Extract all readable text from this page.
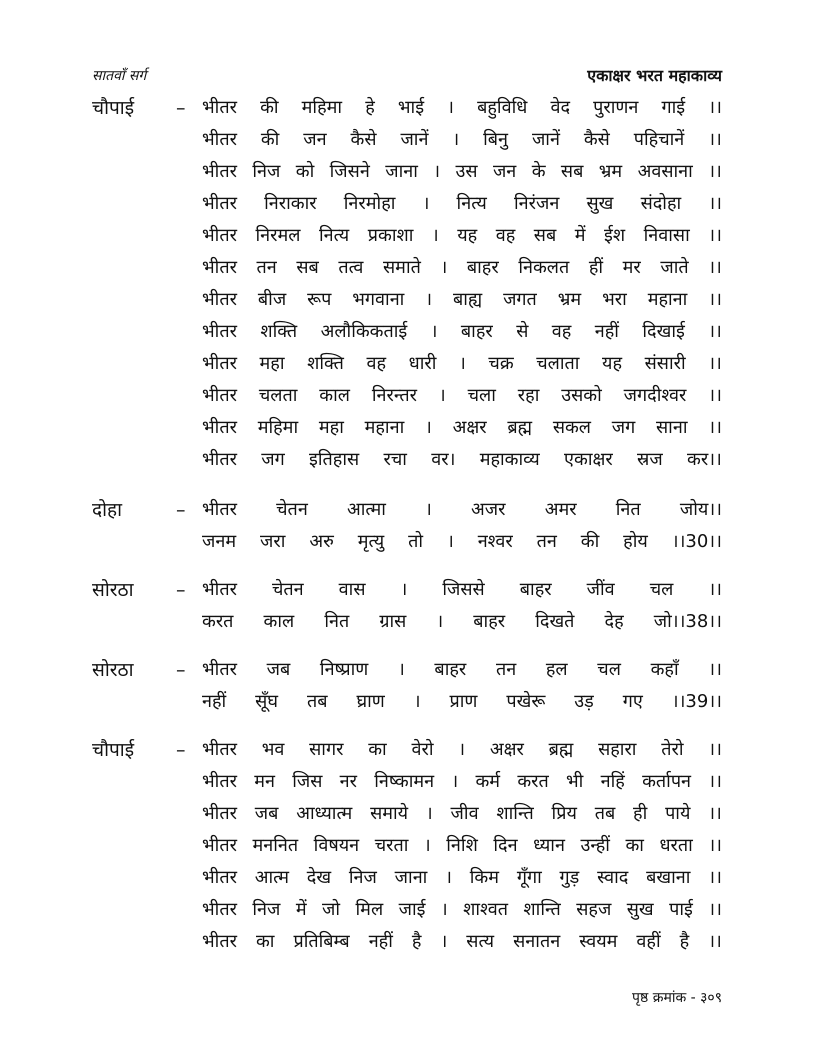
सातवाँ सर्ग	एकाक्षर भरत महाकाव्य
चौपाई – भीतर की महिमा हे भाई । बहुविधि वेद पुराणन गाई ।।
भीतर की जन कैसे जानें । बिनु जानें कैसे पहिचानें ।।
भीतर निज को जिसने जाना । उस जन के सब भ्रम अवसाना ।।
भीतर निराकार निरमोहा । नित्य निरंजन सुख संदोहा ।।
भीतर निरमल नित्य प्रकाशा । यह वह सब में ईश निवासा ।।
भीतर तन सब तत्व समाते । बाहर निकलत हीं मर जाते ।।
भीतर बीज रूप भगवाना । बाह्य जगत भ्रम भरा महाना ।।
भीतर शक्ति अलौकिकताई । बाहर से वह नहीं दिखाई ।।
भीतर महा शक्ति वह धारी । चक्र चलाता यह संसारी ।।
भीतर चलता काल निरन्तर । चला रहा उसको जगदीश्वर ।।
भीतर महिमा महा महाना । अक्षर ब्रह्म सकल जग साना ।।
भीतर जग इतिहास रचा वर। महाकाव्य एकाक्षर स्रज कर।।
दोहा	– भीतर चेतन आत्मा । अजर अमर नित जोय।।
जनम जरा अरु मृत्यु तो । नश्वर तन की होय ।।30।।
सोरठा – भीतर चेतन वास । जिससे बाहर जींव चल ।।
करत काल नित ग्रास । बाहर दिखते देह जो।।38।।
सोरठा – भीतर जब निष्प्राण । बाहर तन हल चल कहाँ ।।
नहीं सूँघ तब घ्राण । प्राण पखेरू उड़ गए ।।39।।
चौपाई – भीतर भव सागर का वेरो । अक्षर ब्रह्म सहारा तेरो ।।
भीतर मन जिस नर निष्कामन । कर्म करत भी नहिं कर्तापन ।।
भीतर जब आध्यात्म समाये । जीव शान्ति प्रिय तब ही पाये ।।
भीतर मननित विषयन चरता । निशि दिन ध्यान उन्हीं का धरता ।।
भीतर आत्म देख निज जाना । किम गूँगा गुड़ स्वाद बखाना ।।
भीतर निज में जो मिल जाई । शाश्वत शान्ति सहज सुख पाई ।।
भीतर का प्रतिबिम्ब नहीं है । सत्य सनातन स्वयम वहीं है ।।
पृष्ठ क्रमांक - ३०९
